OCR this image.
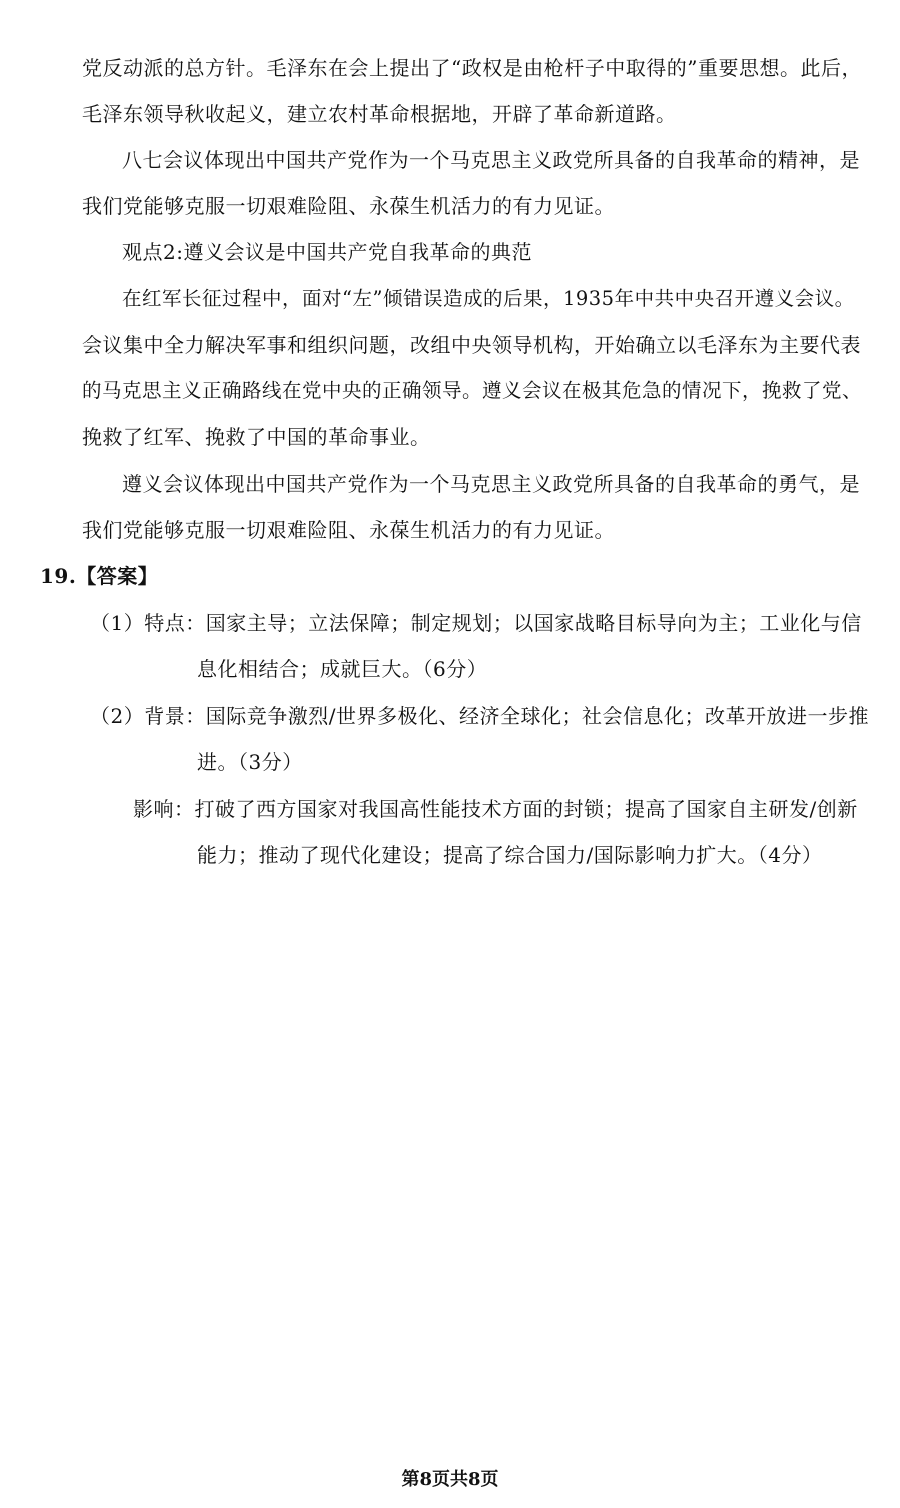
党反动派的总方针。毛泽东在会上提出了“政权是由枪杆子中取得的”重要思想。此后，
毛泽东领导秋收起义，建立农村革命根据地，开辟了革命新道路。
八七会议体现出中国共产党作为一个马克思主义政党所具备的自我革命的精神，是
我们党能够克服一切艰难险阻、永葆生机活力的有力见证。
观点2:遵义会议是中国共产党自我革命的典范
在红军长征过程中，面对“左”倾错误造成的后果，1935年中共中央召开遵义会议。
会议集中全力解决军事和组织问题，改组中央领导机构，开始确立以毛泽东为主要代表
的马克思主义正确路线在党中央的正确领导。遵义会议在极其危急的情况下，挽救了党、
挽救了红军、挽救了中国的革命事业。
遵义会议体现出中国共产党作为一个马克思主义政党所具备的自我革命的勇气，是
我们党能够克服一切艰难险阻、永葆生机活力的有力见证。
19.【答案】
（1）特点：国家主导；立法保障；制定规划；以国家战略目标导向为主；工业化与信
息化相结合；成就巨大。（6分）
（2）背景：国际竞争激烈/世界多极化、经济全球化；社会信息化；改革开放进一步推
进。（3分）
影响：打破了西方国家对我国高性能技术方面的封锁；提高了国家自主研发/创新
能力；推动了现代化建设；提高了综合国力/国际影响力扩大。（4分）
第8页共8页
